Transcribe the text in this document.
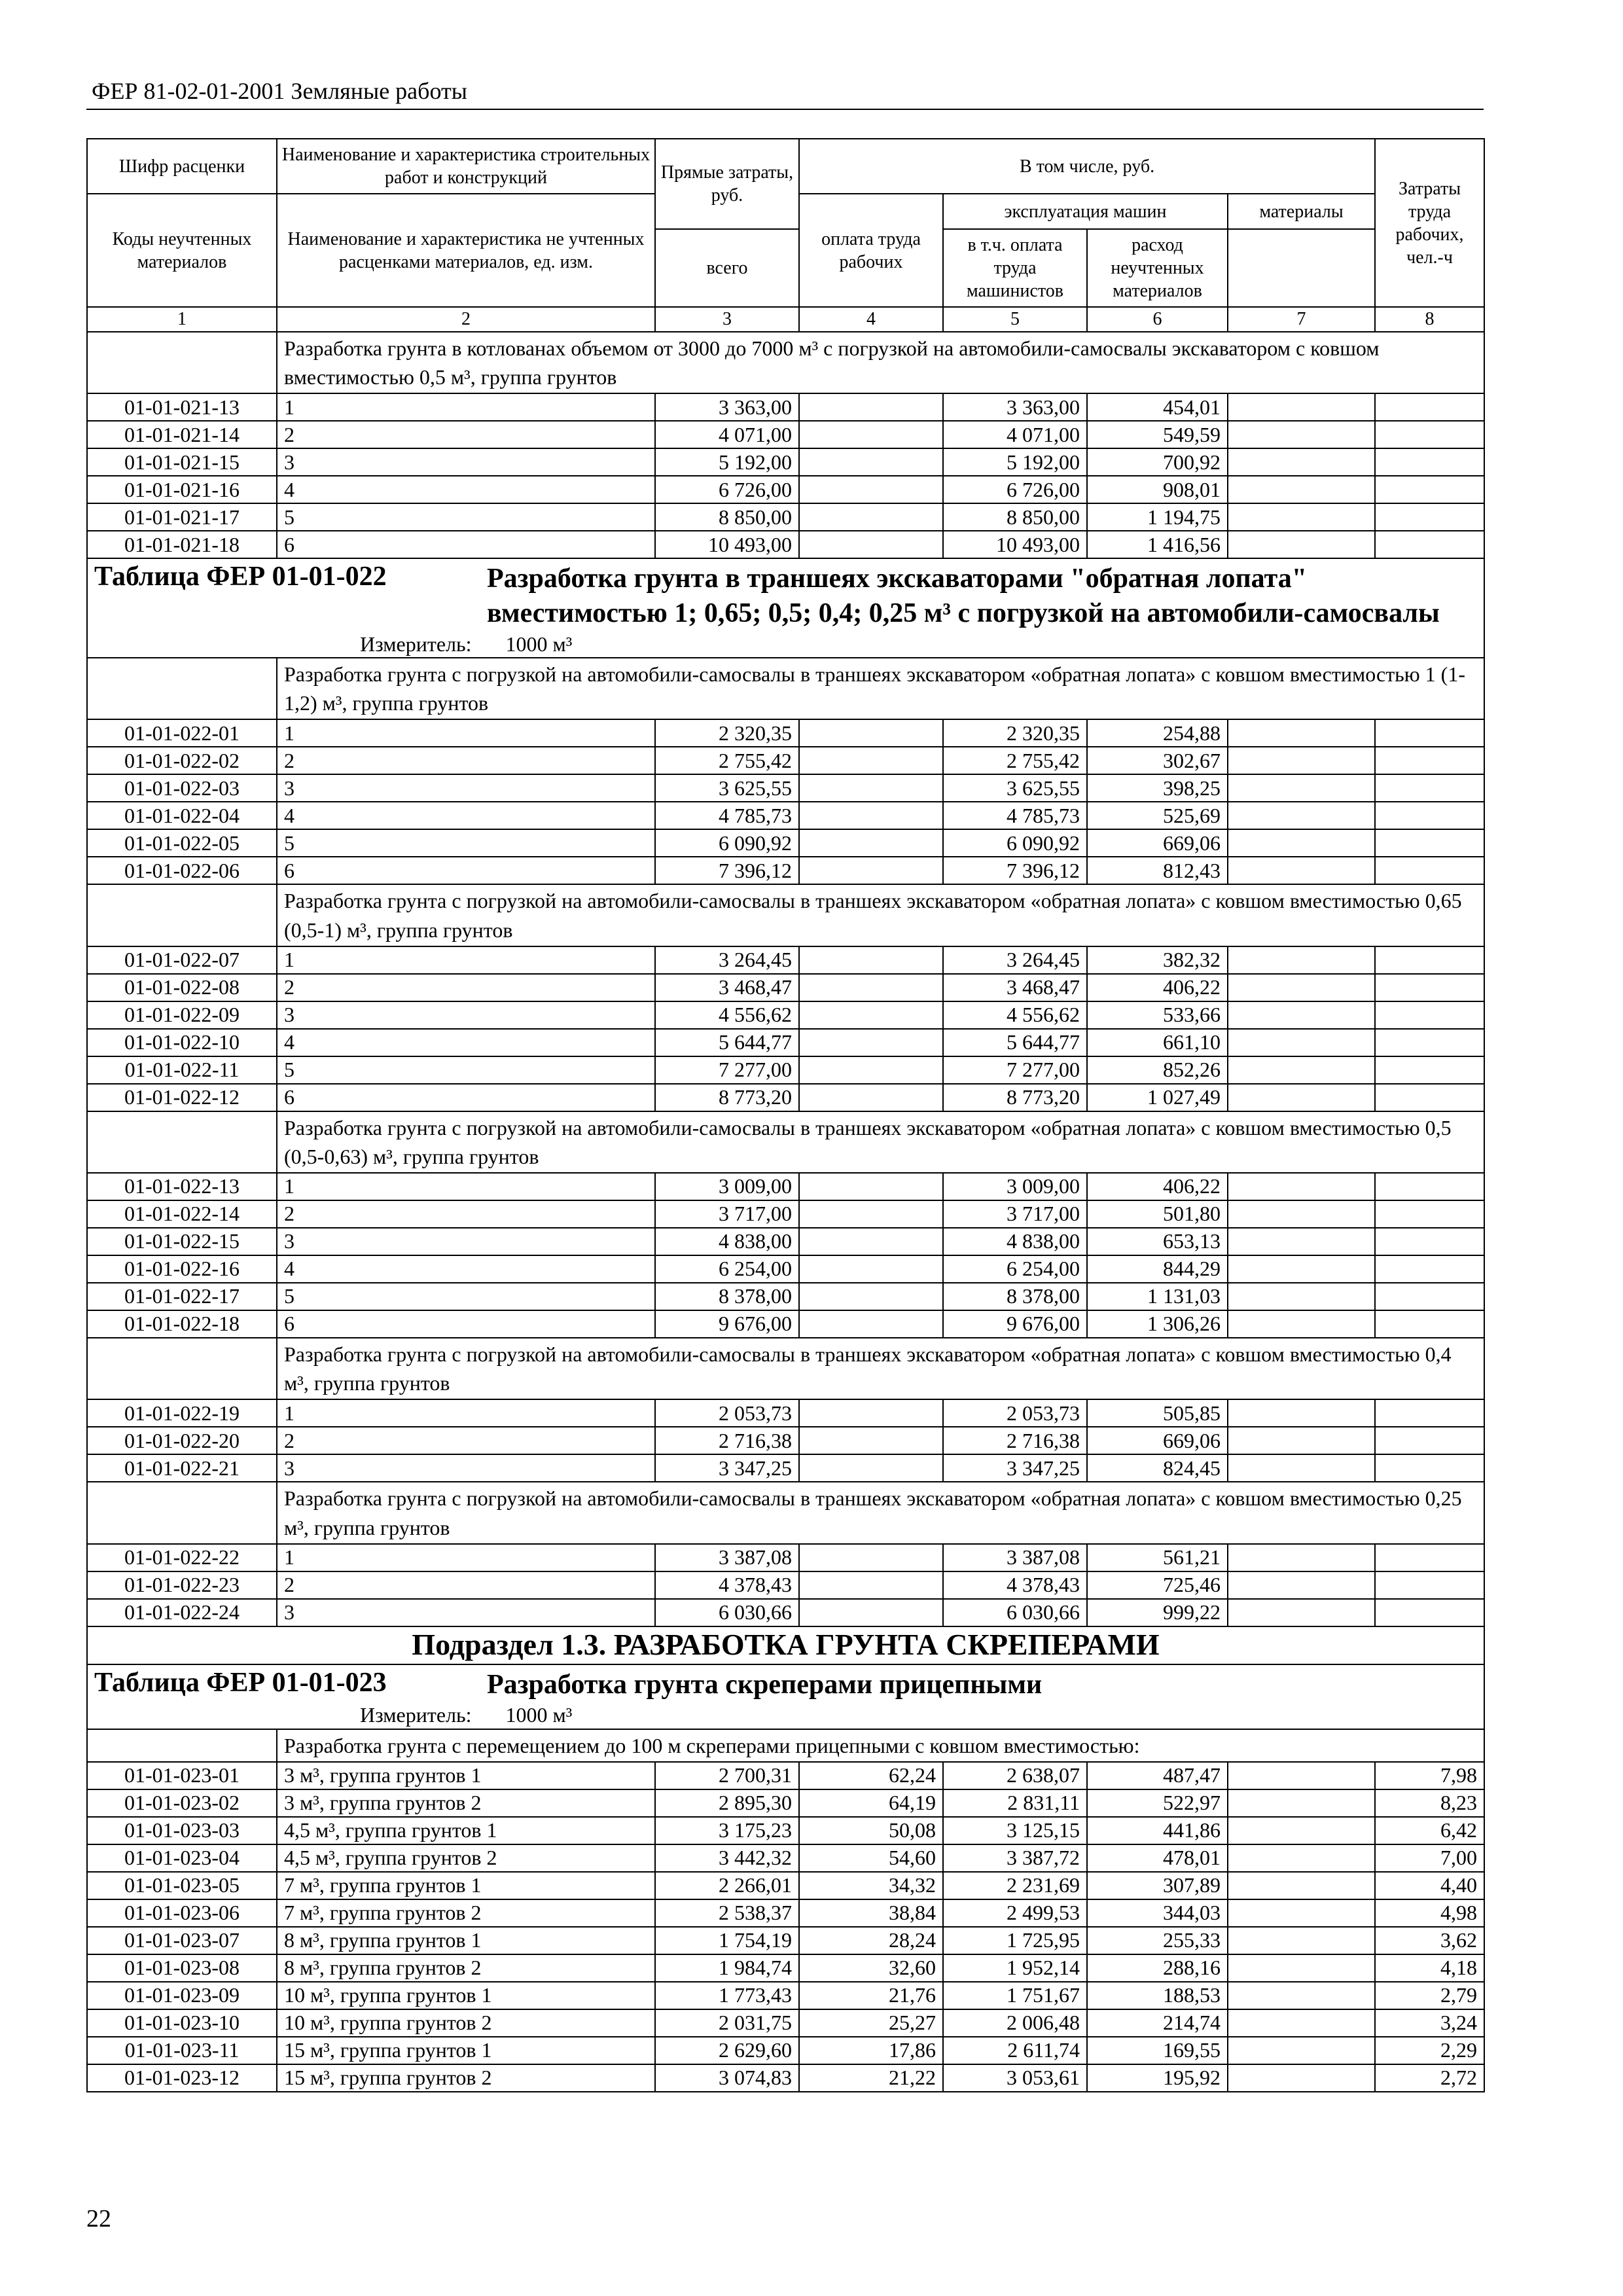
ФЕР 81-02-01-2001 Земляные работы
Шифр расценки	Наименование и характеристика строительных работ и конструкций	Прямые затраты, руб.	В том числе, руб.				Затраты труда рабочих, чел.-ч
Коды неучтенных материалов	Наименование и характеристика не учтенных расценками материалов, ед. изм.						
			оплата труда рабочих	эксплуатация машин		материалы	
		всего		в т.ч. оплата труда машинистов	расход неучтенных материалов		
1	2	3	4	5	6	7	8
	Разработка грунта в котлованах объемом от 3000 до 7000 м³ с погрузкой на автомобили-самосвалы экскаватором с ковшом вместимостью 0,5 м³, группа грунтов						
01-01-021-13	1	3 363,00		3 363,00	454,01		
01-01-021-14	2	4 071,00		4 071,00	549,59		
01-01-021-15	3	5 192,00		5 192,00	700,92		
01-01-021-16	4	6 726,00		6 726,00	908,01		
01-01-021-17	5	8 850,00		8 850,00	1 194,75		
01-01-021-18	6	10 493,00		10 493,00	1 416,56		
Таблица ФЕР 01-01-022 Разработка грунта в траншеях экскаваторами "обратная лопата" вместимостью 1; 0,65; 0,5; 0,4; 0,25 м³ с погрузкой на автомобили-самосвалы							
Измеритель: 1000 м³							
	Разработка грунта с погрузкой на автомобили-самосвалы в траншеях экскаватором «обратная лопата» с ковшом вместимостью 1 (1-1,2) м³, группа грунтов						
01-01-022-01	1	2 320,35		2 320,35	254,88		
01-01-022-02	2	2 755,42		2 755,42	302,67		
01-01-022-03	3	3 625,55		3 625,55	398,25		
01-01-022-04	4	4 785,73		4 785,73	525,69		
01-01-022-05	5	6 090,92		6 090,92	669,06		
01-01-022-06	6	7 396,12		7 396,12	812,43		
	Разработка грунта с погрузкой на автомобили-самосвалы в траншеях экскаватором «обратная лопата» с ковшом вместимостью 0,65 (0,5-1) м³, группа грунтов						
01-01-022-07	1	3 264,45		3 264,45	382,32		
01-01-022-08	2	3 468,47		3 468,47	406,22		
01-01-022-09	3	4 556,62		4 556,62	533,66		
01-01-022-10	4	5 644,77		5 644,77	661,10		
01-01-022-11	5	7 277,00		7 277,00	852,26		
01-01-022-12	6	8 773,20		8 773,20	1 027,49		
	Разработка грунта с погрузкой на автомобили-самосвалы в траншеях экскаватором «обратная лопата» с ковшом вместимостью 0,5 (0,5-0,63) м³, группа грунтов						
01-01-022-13	1	3 009,00		3 009,00	406,22		
01-01-022-14	2	3 717,00		3 717,00	501,80		
01-01-022-15	3	4 838,00		4 838,00	653,13		
01-01-022-16	4	6 254,00		6 254,00	844,29		
01-01-022-17	5	8 378,00		8 378,00	1 131,03		
01-01-022-18	6	9 676,00		9 676,00	1 306,26		
	Разработка грунта с погрузкой на автомобили-самосвалы в траншеях экскаватором «обратная лопата» с ковшом вместимостью 0,4 м³, группа грунтов						
01-01-022-19	1	2 053,73		2 053,73	505,85		
01-01-022-20	2	2 716,38		2 716,38	669,06		
01-01-022-21	3	3 347,25		3 347,25	824,45		
	Разработка грунта с погрузкой на автомобили-самосвалы в траншеях экскаватором «обратная лопата» с ковшом вместимостью 0,25 м³, группа грунтов						
01-01-022-22	1	3 387,08		3 387,08	561,21		
01-01-022-23	2	4 378,43		4 378,43	725,46		
01-01-022-24	3	6 030,66		6 030,66	999,22		
Подраздел 1.3. РАЗРАБОТКА ГРУНТА СКРЕПЕРАМИ							
Таблица ФЕР 01-01-023 Разработка грунта скреперами прицепными							
Измеритель: 1000 м³							
	Разработка грунта с перемещением до 100 м скреперами прицепными с ковшом вместимостью:						
01-01-023-01	3 м³, группа грунтов 1	2 700,31	62,24	2 638,07	487,47		7,98
01-01-023-02	3 м³, группа грунтов 2	2 895,30	64,19	2 831,11	522,97		8,23
01-01-023-03	4,5 м³, группа грунтов 1	3 175,23	50,08	3 125,15	441,86		6,42
01-01-023-04	4,5 м³, группа грунтов 2	3 442,32	54,60	3 387,72	478,01		7,00
01-01-023-05	7 м³, группа грунтов 1	2 266,01	34,32	2 231,69	307,89		4,40
01-01-023-06	7 м³, группа грунтов 2	2 538,37	38,84	2 499,53	344,03		4,98
01-01-023-07	8 м³, группа грунтов 1	1 754,19	28,24	1 725,95	255,33		3,62
01-01-023-08	8 м³, группа грунтов 2	1 984,74	32,60	1 952,14	288,16		4,18
01-01-023-09	10 м³, группа грунтов 1	1 773,43	21,76	1 751,67	188,53		2,79
01-01-023-10	10 м³, группа грунтов 2	2 031,75	25,27	2 006,48	214,74		3,24
01-01-023-11	15 м³, группа грунтов 1	2 629,60	17,86	2 611,74	169,55		2,29
01-01-023-12	15 м³, группа грунтов 2	3 074,83	21,22	3 053,61	195,92		2,72
22
